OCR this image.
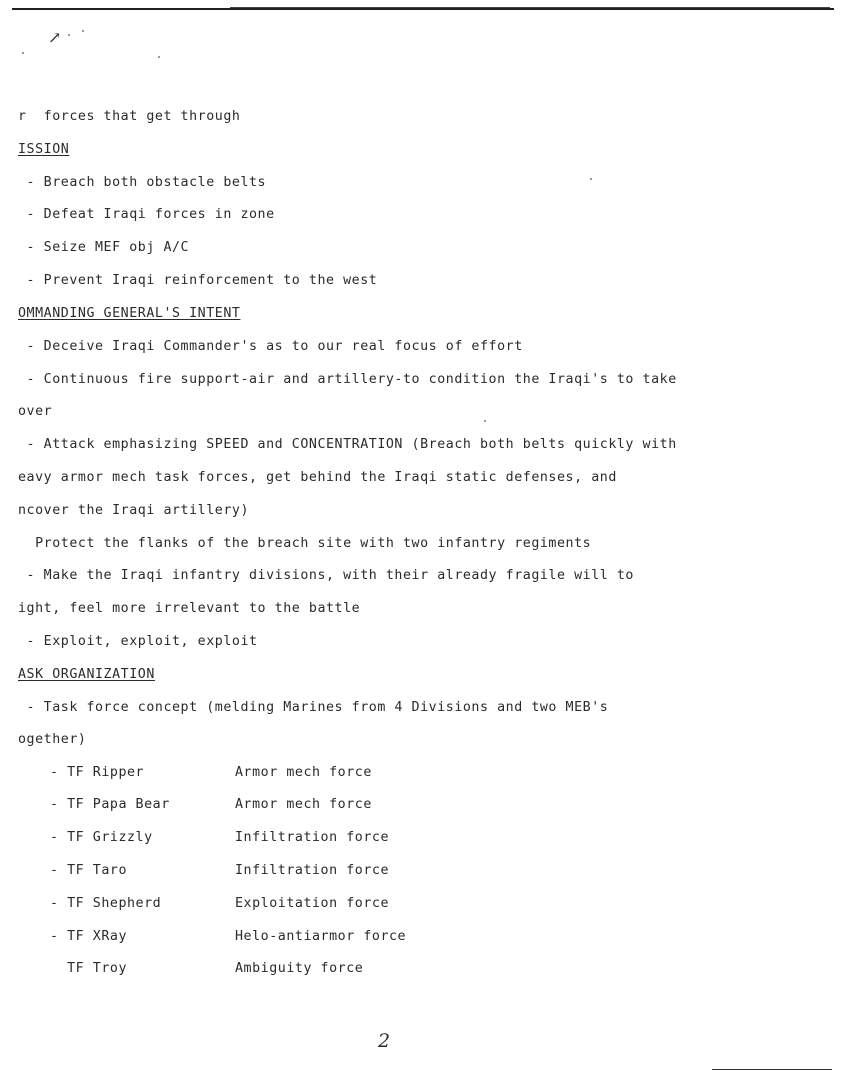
↗
r  forces that get through
ISSION
- Breach both obstacle belts
- Defeat Iraqi forces in zone
- Seize MEF obj A/C
- Prevent Iraqi reinforcement to the west
OMMANDING GENERAL'S INTENT
- Deceive Iraqi Commander's as to our real focus of effort
- Continuous fire support-air and artillery-to condition the Iraqi's to take
over
- Attack emphasizing SPEED and CONCENTRATION (Breach both belts quickly with
eavy armor mech task forces, get behind the Iraqi static defenses, and
ncover the Iraqi artillery)
Protect the flanks of the breach site with two infantry regiments
- Make the Iraqi infantry divisions, with their already fragile will to
ight, feel more irrelevant to the battle
- Exploit, exploit, exploit
ASK ORGANIZATION
- Task force concept (melding Marines from 4 Divisions and two MEB's
ogether)
- TF Ripper	Armor mech force
- TF Papa Bear	Armor mech force
- TF Grizzly	Infiltration force
- TF Taro	Infiltration force
- TF Shepherd	Exploitation force
- TF XRay	Helo-antiarmor force
TF Troy	Ambiguity force
2
